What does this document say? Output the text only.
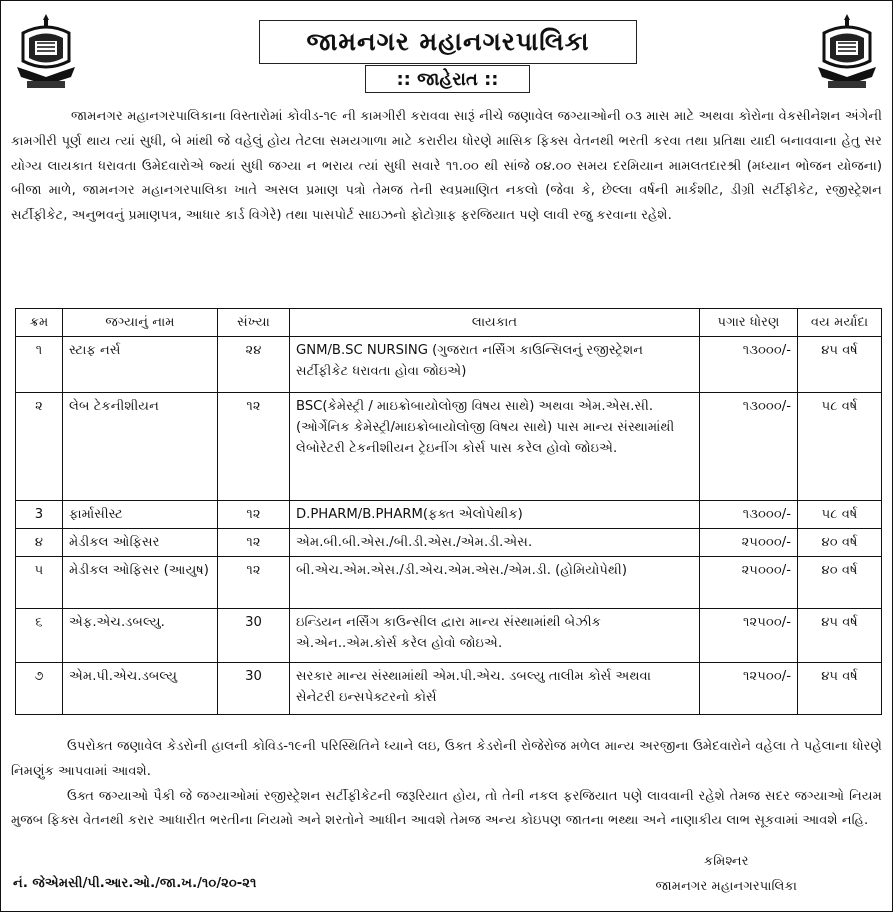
જામનગર મહાનગરપાલિકા
:: જાહેરાત ::
જામનગર મહાનગરપાલિકાના વિસ્તારોમાં કોવીડ-૧૯ ની કામગીરી કરાવવા સારૂં નીચે જણાવેલ જગ્યાઓની ૦૩ માસ માટે અથવા કોરોના વેકસીનેશન અંગેની કામગીરી પૂર્ણ થાય ત્યાં સુધી, બે માંથી જે વહેલું હોય તેટલા સમયગાળા માટે કરારીય ધોરણે માસિક ફિક્સ વેતનથી ભરતી કરવા તથા પ્રતિક્ષા યાદી બનાવવાના હેતુ સર યોગ્ય લાયકાત ધરાવતા ઉમેદવારોએ જ્યાં સુધી જગ્યા ન ભરાય ત્યાં સુધી સવારે ૧૧.૦૦ થી સાંજે ૦૪.૦૦ સમય દરમિયાન મામલતદારશ્રી (મધ્યાન ભોજન યોજના) બીજા માળે, જામનગર મહાનગરપાલિકા ખાતે અસલ પ્રમાણ પત્રો તેમજ તેની સ્વપ્રમાણિત નકલો (જેવા કે, છેલ્લા વર્ષની માર્કશીટ, ડીગ્રી સર્ટીફીકેટ, રજીસ્ટ્રેશન સર્ટીફીકેટ, અનુભવનું પ્રમાણપત્ર, આધાર કાર્ડ વિગેરે) તથા પાસપોર્ટ સાઇઝનો ફોટોગ્રાફ ફરજિયાત પણે લાવી રજુ કરવાના રહેશે.
ક્રમ	જગ્યાનું નામ	સંખ્યા	લાયકાત	પગાર ધોરણ	વય મર્યાદા
૧	સ્ટાફ નર્સ	૨૪	GNM/B.SC NURSING (ગુજરાત નર્સિંગ કાઉન્સિલનું રજીસ્ટ્રેશન સર્ટીફીકેટ ધરાવતા હોવા જોઇએ)	૧૩૦૦૦/-	૪૫ વર્ષ
૨	લેબ ટેકનીશીયન	૧૨	BSC(કેમેસ્ટ્રી / માઇક્રોબાયોલોજી વિષય સાથે) અથવા એમ.એસ.સી. (ઓર્ગેનિક કેમેસ્ટ્રી/માઇક્રોબાયોલોજી વિષય સાથે) પાસ માન્ય સંસ્થામાંથી લેબોરેટરી ટેકનીશીયન ટ્રેઇનીંગ કોર્સ પાસ કરેલ હોવો જોઇએ.	૧૩૦૦૦/-	૫૮ વર્ષ
3	ફાર્માસીસ્ટ	૧૨	D.PHARM/B.PHARM(ફક્ત એલોપેથીક)	૧૩૦૦૦/-	૫૮ વર્ષ
૪	મેડીકલ ઓફિસર	૧૨	એમ.બી.બી.એસ./બી.ડી.એસ./એમ.ડી.એસ.	૨૫૦૦૦/-	૪૦ વર્ષ
૫	મેડીકલ ઓફિસર (આયુષ)	૧૨	બી.એચ.એમ.એસ./ડી.એચ.એમ.એસ./એમ.ડી. (હોમિયોપેથી)	૨૫૦૦૦/-	૪૦ વર્ષ
૬	એફ.એચ.ડબલ્યુ.	30	ઇન્ડિયન નર્સિંગ કાઉન્સીલ દ્વારા માન્ય સંસ્થામાંથી બેઝીક એ.એન..એમ.કોર્સ કરેલ હોવો જોઇએ.	૧૨૫૦૦/-	૪૫ વર્ષ
૭	એમ.પી.એચ.ડબલ્યુ	30	સરકાર માન્ય સંસ્થામાંથી એમ.પી.એચ. ડબલ્યુ તાલીમ કોર્સ અથવા સેનેટરી ઇન્સપેક્ટરનો કોર્સ	૧૨૫૦૦/-	૪૫ વર્ષ

ઉપરોક્ત જણાવેલ કેડરોની હાલની કોવિડ-૧૯ની પરિસ્થિતિને ધ્યાને લઇ, ઉક્ત કેડરોની રોજેરોજ મળેલ માન્ય અરજીના ઉમેદવારોને વહેલા તે પહેલાના ધોરણે નિમણુંક આપવામાં આવશે.

ઉક્ત જગ્યાઓ પૈકી જે જગ્યાઓમાં રજીસ્ટ્રેશન સર્ટીફીકેટની જરૂરિયાત હોય, તો તેની નકલ ફરજિયાત પણે લાવવાની રહેશે તેમજ સદર જગ્યાઓ નિયમ મુજબ ફિક્સ વેતનથી કરાર આધારીત ભરતીના નિયમો અને શરતોને આધીન આવશે તેમજ અન્ય કોઇપણ જાતના ભથ્થા અને નાણાકીય લાભ સૂકવામાં આવશે નહિ.

નં. જેએમસી/પી.આર.ઓ./જા.ખ./૧૦/૨૦-૨૧
કમિશ્નર
જામનગર મહાનગરપાલિકા
